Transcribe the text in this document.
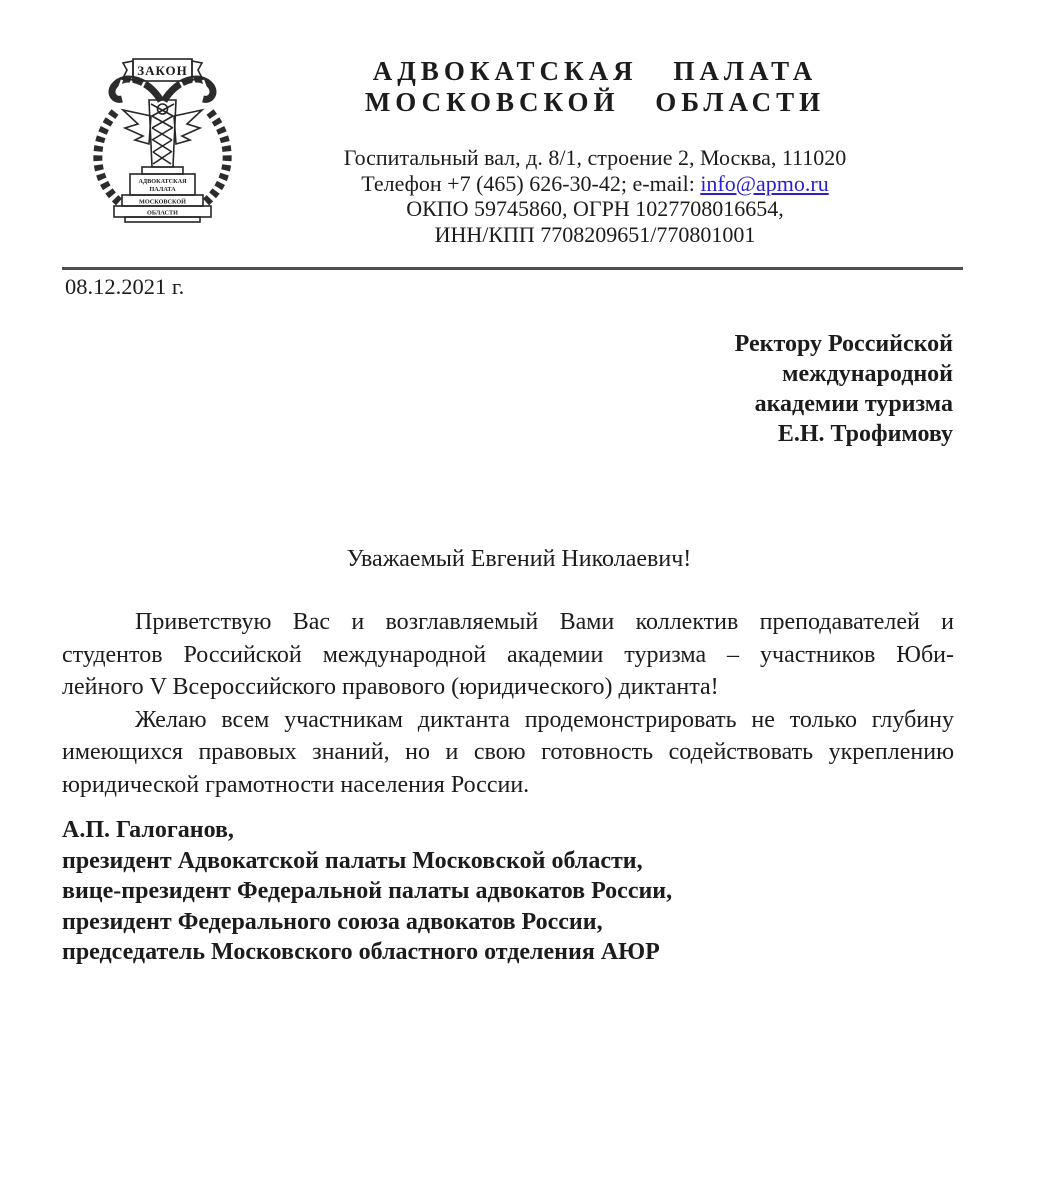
ЗАКОН
АДВОКАТСКАЯ
ПАЛАТА
МОСКОВСКОЙ
ОБЛАСТИ
АДВОКАТСКАЯ ПАЛАТА
МОСКОВСКОЙ ОБЛАСТИ
Госпитальный вал, д. 8/1, строение 2, Москва, 111020
Телефон +7 (465) 626-30-42; e-mail: info@apmo.ru
ОКПО 59745860, ОГРН 1027708016654,
ИНН/КПП 7708209651/770801001
08.12.2021 г.
Ректору Российской
международной
академии туризма
Е.Н. Трофимову
Уважаемый Евгений Николаевич!
Приветствую Вас и возглавляемый Вами коллектив преподавателей и
студентов Российской международной академии туризма – участников Юби-
лейного V Всероссийского правового (юридического) диктанта!
Желаю всем участникам диктанта продемонстрировать не только глубину
имеющихся правовых знаний, но и свою готовность содействовать укреплению
юридической грамотности населения России.
А.П. Галоганов,
президент Адвокатской палаты Московской области,
вице-президент Федеральной палаты адвокатов России,
президент Федерального союза адвокатов России,
председатель Московского областного отделения АЮР
